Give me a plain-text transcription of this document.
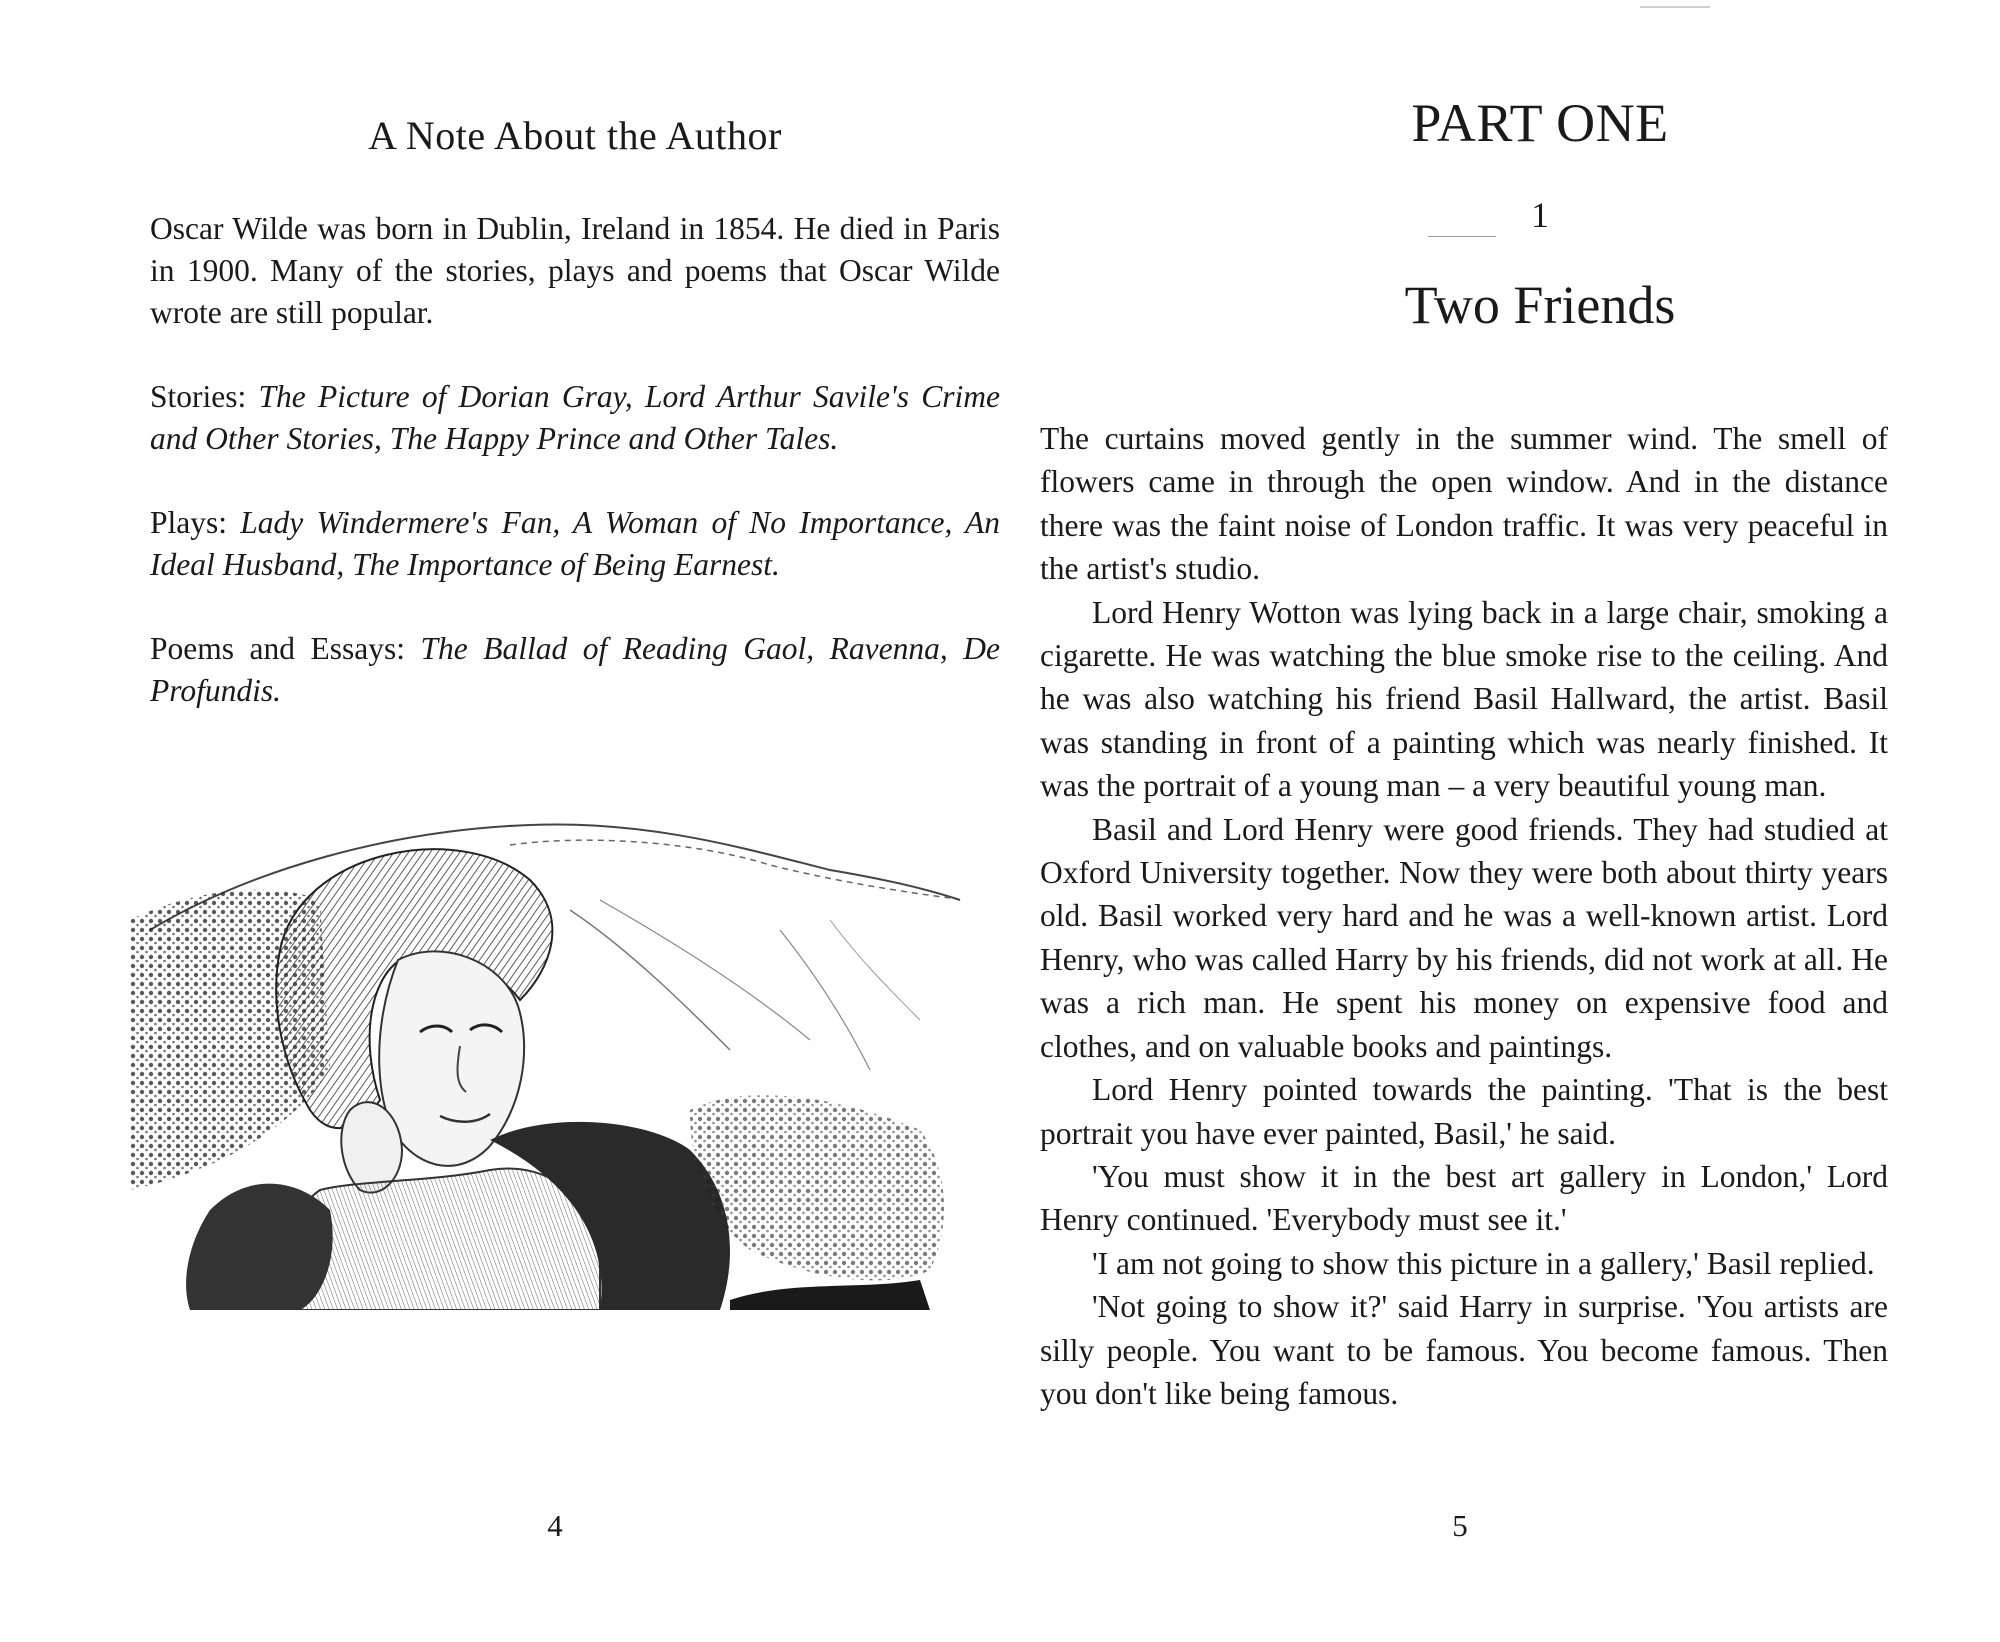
A Note About the Author

Oscar Wilde was born in Dublin, Ireland in 1854. He died in Paris in 1900. Many of the stories, plays and poems that Oscar Wilde wrote are still popular.

Stories: The Picture of Dorian Gray, Lord Arthur Savile's Crime and Other Stories, The Happy Prince and Other Tales.

Plays: Lady Windermere's Fan, A Woman of No Importance, An Ideal Husband, The Importance of Being Earnest.

Poems and Essays: The Ballad of Reading Gaol, Ravenna, De Profundis.

4
PART ONE
1
Two Friends

The curtains moved gently in the summer wind. The smell of flowers came in through the open window. And in the distance there was the faint noise of London traffic. It was very peaceful in the artist's studio.

Lord Henry Wotton was lying back in a large chair, smoking a cigarette. He was watching the blue smoke rise to the ceiling. And he was also watching his friend Basil Hallward, the artist. Basil was standing in front of a painting which was nearly finished. It was the portrait of a young man – a very beautiful young man.

Basil and Lord Henry were good friends. They had studied at Oxford University together. Now they were both about thirty years old. Basil worked very hard and he was a well-known artist. Lord Henry, who was called Harry by his friends, did not work at all. He was a rich man. He spent his money on expensive food and clothes, and on valuable books and paintings.

Lord Henry pointed towards the painting. 'That is the best portrait you have ever painted, Basil,' he said.

'You must show it in the best art gallery in London,' Lord Henry continued. 'Everybody must see it.'

'I am not going to show this picture in a gallery,' Basil replied.

'Not going to show it?' said Harry in surprise. 'You artists are silly people. You want to be famous. You become famous. Then you don't like being famous.

5
